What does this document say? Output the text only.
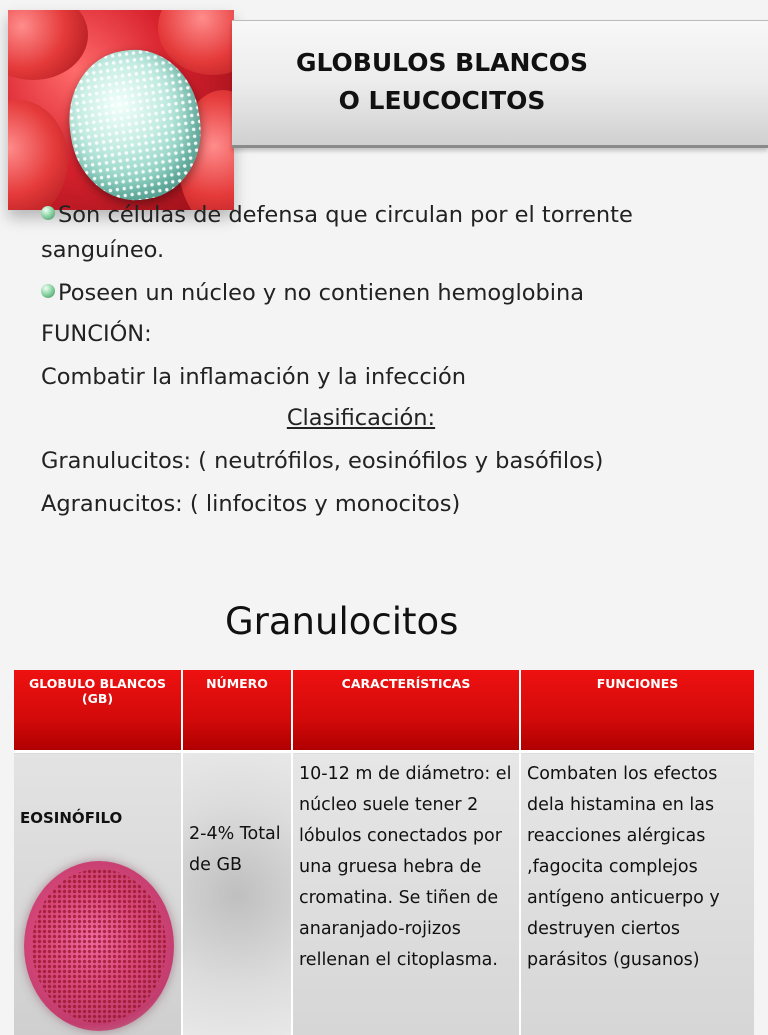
GLOBULOS BLANCOS
O LEUCOCITOS
Son células de defensa que circulan por el torrente
sanguíneo.
Poseen un núcleo y no contienen hemoglobina
FUNCIÓN:
Combatir la inflamación y la infección
Clasificación:
Granulucitos: ( neutrófilos, eosinófilos y basófilos)
Agranucitos: ( linfocitos y monocitos)
Granulocitos
GLOBULO BLANCOS (GB)	NÚMERO	CARACTERÍSTICAS	FUNCIONES

EOSINÓFILO	2-4% Total de GB	10-12 m de diámetro: el núcleo suele tener 2 lóbulos conectados por una gruesa hebra de cromatina. Se tiñen de anaranjado-rojizos rellenan el citoplasma.	Combaten los efectos dela histamina en las reacciones alérgicas ,fagocita complejos antígeno anticuerpo y destruyen ciertos parásitos (gusanos)
